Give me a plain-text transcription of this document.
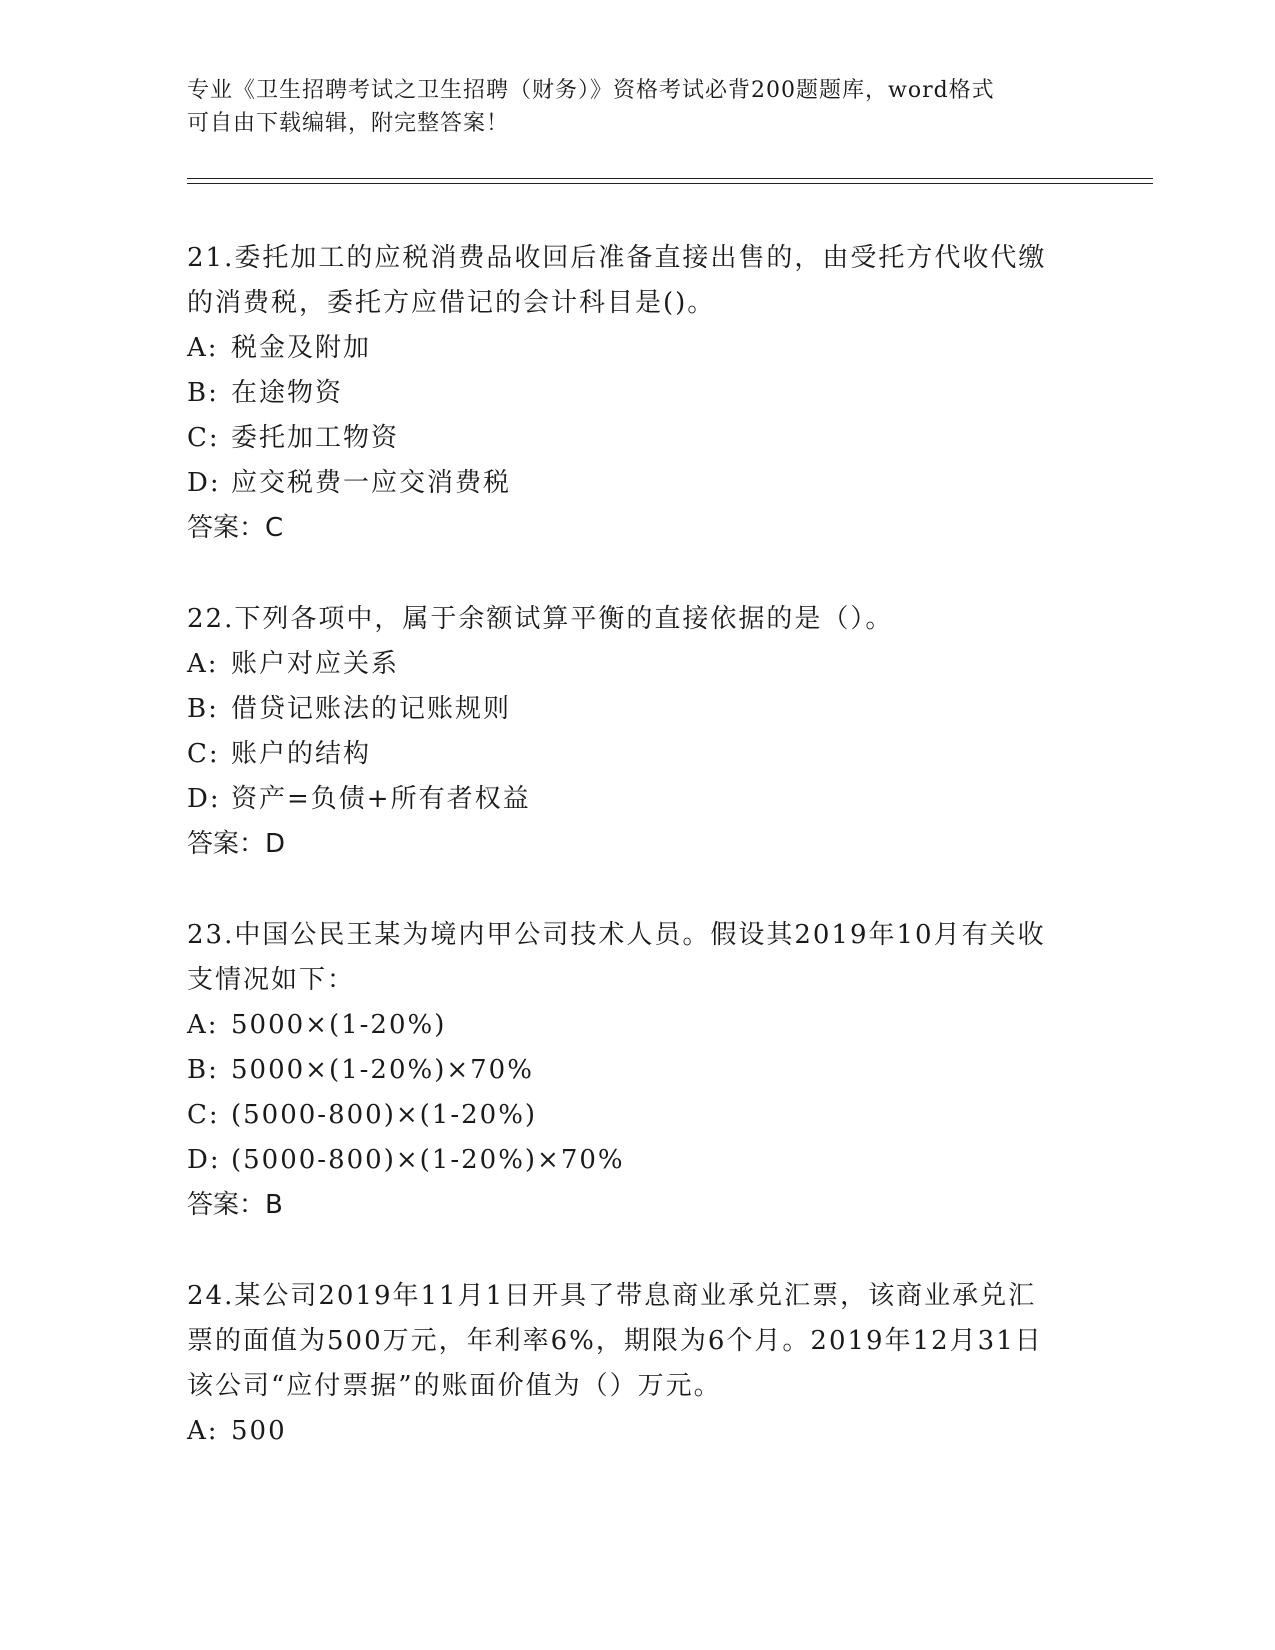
专业《卫生招聘考试之卫生招聘（财务）》资格考试必背200题题库，word格式
可自由下载编辑，附完整答案！

21.委托加工的应税消费品收回后准备直接出售的，由受托方代收代缴

的消费税，委托方应借记的会计科目是()。

A: 税金及附加

B: 在途物资

C: 委托加工物资

D: 应交税费一应交消费税

答案：C

22.下列各项中，属于余额试算平衡的直接依据的是（）。

A: 账户对应关系

B: 借贷记账法的记账规则

C: 账户的结构

D: 资产=负债+所有者权益

答案：D

23.中国公民王某为境内甲公司技术人员。假设其2019年10月有关收

支情况如下：

A: 5000×(1-20%)

B: 5000×(1-20%)×70%

C: (5000-800)×(1-20%)

D: (5000-800)×(1-20%)×70%

答案：B

24.某公司2019年11月1日开具了带息商业承兑汇票，该商业承兑汇

票的面值为500万元，年利率6%，期限为6个月。2019年12月31日

该公司“应付票据”的账面价值为（）万元。

A: 500
